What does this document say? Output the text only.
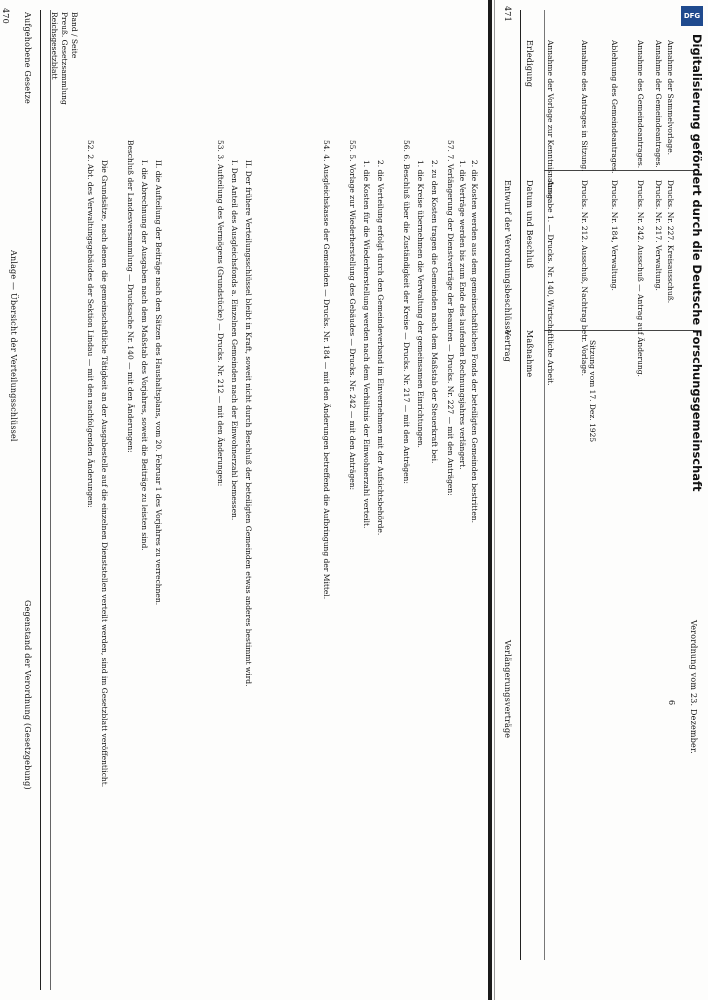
470
Anlage — Übersicht der Verteilungsschlüssel
Aufgehobene Gesetze
Gegenstand der Verordnung (Gesetzgebung)
Reichsgesetzblatt Preuß. Gesetzsammlung Band / Seite
52. 2. Abt. des Verwaltungsgebäudes der Sektion Lindau — mit den nachfolgenden Änderungen: Die Grundsätze, nach denen die gemeinschaftliche Tätigkeit an der Ausgabestelle auf die einzelnen Dienststellen verteilt werden, sind im Gesetzblatt veröffentlicht. Beschluß der Landesversammlung — Drucksache Nr. 140 — mit den Änderungen: I. die Abrechnung der Ausgaben nach dem Maßstab des Vorjahres, soweit die Beiträge zu leisten sind. II. die Aufteilung der Beiträge nach den Sätzen des Haushaltsplans, vom 20. Februar 1 des Vorjahres zu verrechnen.
53. 3. Aufteilung des Vermögens (Grundstücke) — Drucks. Nr. 212 — mit den Änderungen: I. Den Anteil des Ausgleichsfonds a. Einzelnen Gemeinden nach der Einwohnerzahl bemessen. II. Der frühere Verteilungsschlüssel bleibt in Kraft, soweit nicht durch Beschluß der beteiligten Gemeinden etwas anderes bestimmt wird.
54. 4. Ausgleichskasse der Gemeinden — Drucks. Nr. 184 — mit den Änderungen betreffend die Aufbringung der Mittel.
55. 5. Vorlage zur Wiederherstellung des Gebäudes — Drucks. Nr. 242 — mit den Anträgen: 1. die Kosten für die Wiederherstellung werden nach dem Verhältnis der Einwohnerzahl verteilt. 2. die Verteilung erfolgt durch den Gemeindeverband im Einvernehmen mit der Aufsichtsbehörde.
56. 6. Beschluß über die Zuständigkeit der Kreise — Drucks. Nr. 217 — mit den Anträgen: 1. die Kreise übernehmen die Verwaltung der gemeinsamen Einrichtungen. 2. zu den Kosten tragen die Gemeinden nach dem Maßstab der Steuerkraft bei.
57. 7. Verlängerung der Dienstverträge der Beamten — Drucks. Nr. 227 — mit den Anträgen: 1. die Verträge werden bis zum Ende des laufenden Rechnungsjahres verlängert. 2. die Kosten werden aus dem gemeinschaftlichen Fonds der beteiligten Gemeinden bestritten.
471
Verlängerungsverträge
Vertrag
Entwurf der Verordnungsbeschlüsse
Maßnahme
Datum und Beschluß
Erledigung Annahme der Vorlage zur Kenntnisnahme.
Ausgabe 1. — Drucks. Nr. 140, Wirtschaftliche Arbeit.
Annahme des Antrages in Sitzung.
Drucks. Nr. 212. Ausschuß, Nachtrag betr. Vorlage.
Sitzung vom 17. Dez. 1925
Ablehnung des Gemeindeantrages.
Drucks. Nr. 184, Verwaltung.
Annahme des Gemeindeantrages.
Drucks. Nr. 242. Ausschuß — Antrag auf Änderung.
Annahme der Gemeindeantrages.
Drucks. Nr. 217. Verwaltung.
Annahme der Sammelvorlage.
Drucks. Nr. 227. Kreisausschuß.
6 Verordnung vom 23. Dezember.
DFG
Digitalisierung gefördert durch die Deutsche Forschungsgemeinschaft
